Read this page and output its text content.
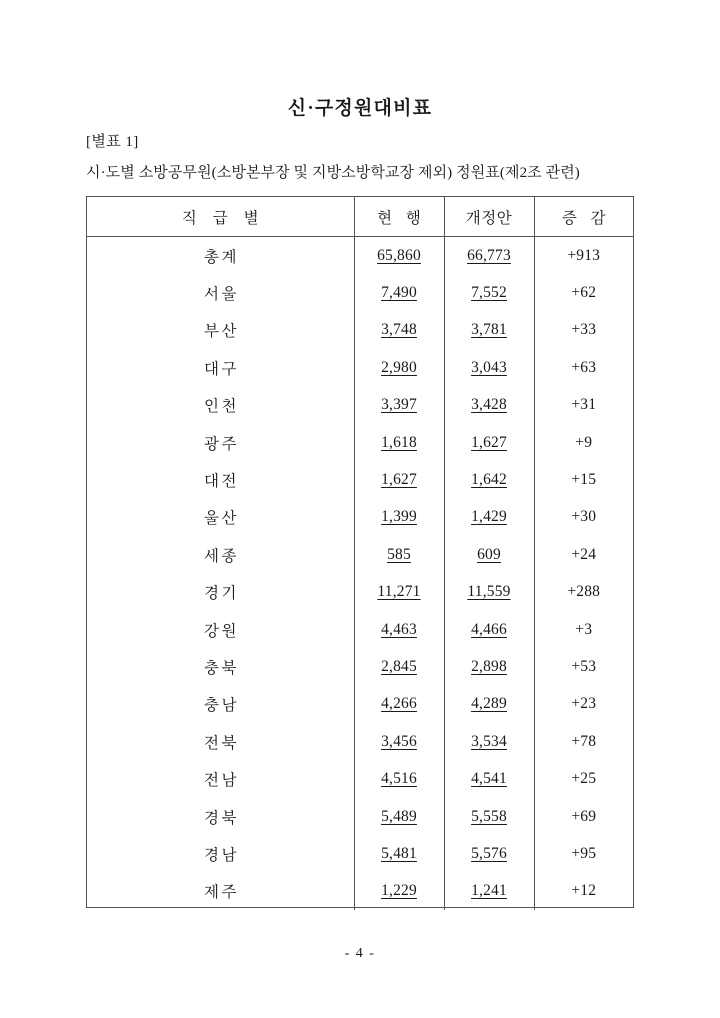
신·구정원대비표
[별표 1]
시·도별 소방공무원(소방본부장 및 지방소방학교장 제외) 정원표(제2조 관련)
직 급 별	현 행	개정안	증 감
총계	65,860	66,773	+913
서울	7,490	7,552	+62
부산	3,748	3,781	+33
대구	2,980	3,043	+63
인천	3,397	3,428	+31
광주	1,618	1,627	+9
대전	1,627	1,642	+15
울산	1,399	1,429	+30
세종	585	609	+24
경기	11,271	11,559	+288
강원	4,463	4,466	+3
충북	2,845	2,898	+53
충남	4,266	4,289	+23
전북	3,456	3,534	+78
전남	4,516	4,541	+25
경북	5,489	5,558	+69
경남	5,481	5,576	+95
제주	1,229	1,241	+12
- 4 -
